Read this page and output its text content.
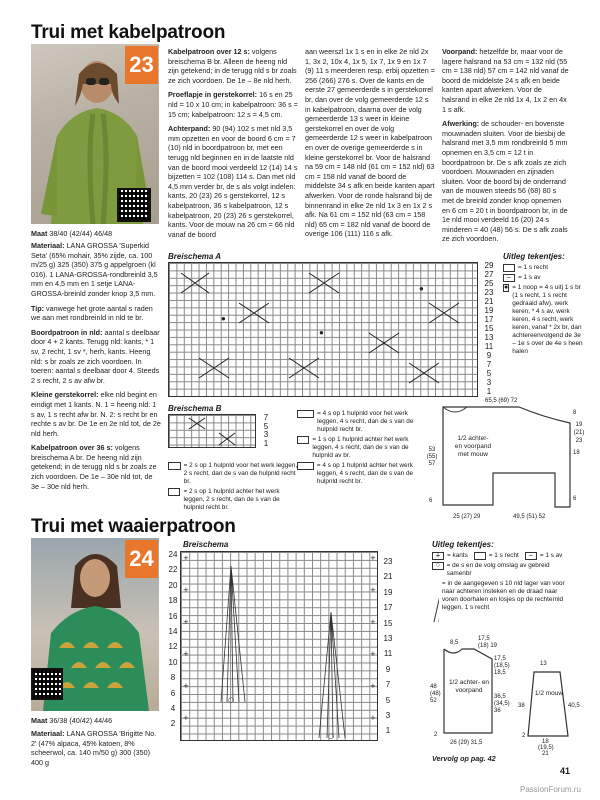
Trui met kabelpatroon
23
Maat 38/40 (42/44) 46/48

Materiaal: LANA GROSSA 'Superkid Seta' (65% mohair, 35% zijde, ca. 100 m/25 g) 325 (350) 375 g appelgroen (kl 016). 1 LANA-GROSSA-rondbreinld 3,5 mm en 4,5 mm en 1 setje LANA-GROSSA-breinld zonder knop 3,5 mm.

Tip: vanwege het grote aantal s raden we aan met rondbreinld in nld te br.

Boordpatroon in nld: aantal s deelbaar door 4 + 2 kants. Terugg nld: kants, * 1 sv, 2 recht, 1 sv *, herh, kants. Heeng nld: s br zoals ze zich voordoen. In toeren: aantal s deelbaar door 4. Steeds 2 s recht, 2 s av afw br.

Kleine gerstekorrel: elke nld begint en eindigt met 1 kants. N. 1 = heeng nld: 1 s av, 1 s recht afw br. N. 2: s recht br en rechte s av br. De 1e en 2e nld tot, de 2e nld herh.

Kabelpatroon over 36 s: volgens breischema A br. De heeng nld zijn getekend; in de terugg nld s br zoals ze zich voordoen. De 1e – 30e nld tot, de 3e – 30e nld herh.

Kabelpatroon over 12 s: volgens breischema B br. Alleen de heeng nld zijn getekend; in de terugg nld s br zoals ze zich voordoen. De 1e – 8e nld herh.

Proeflapje in gerstekorrel: 16 s en 25 nld = 10 x 10 cm; in kabelpatroon: 36 s = 15 cm; kabelpatroon: 12 s = 4,5 cm.

Achterpand: 90 (94) 102 s met nld 3,5 mm opzetten en voor de boord 6 cm = 7 (10) nld in boordpatroon br, met een terugg nld beginnen en in de laatste nld van de boord mooi verdeeld 12 (14) 14 s bijzetten = 102 (108) 114 s. Dan met nld 4,5 mm verder br, de s als volgt indelen: kants, 20 (23) 26 s gerstekorrel, 12 s kabelpatroon, 36 s kabelpatroon, 12 s kabelpatroon, 20 (23) 26 s gerstekorrel, kants. Voor de mouw na 26 cm = 66 nld vanaf de boord

aan weerszl 1x 1 s en in elke 2e nld 2x 1, 3x 2, 10x 4, 1x 5, 1x 7, 1x 9 en 1x 7 (9) 11 s meerderen resp. erbij opzetten = 256 (266) 276 s. Over de kants en de eerste 27 gemeerderde s in gerstekorrel br, dan over de volg gemeerderde 12 s in kabelpatroon, daarna over de volg gemeerderde 13 s weer in kleine gerstekorrel en over de volg gemeerderde 12 s weer in kabelpatroon en over de overige gemeerderde s in kleine gerstekorrel br. Voor de halsrand na 59 cm = 148 nld (61 cm = 152 nld) 63 cm = 158 nld vanaf de boord de middelste 34 s afk en beide kanten apart afwerken. Voor de ronde halsrand bij de binnenrand in elke 2e nld 1x 3 en 1x 2 s afk. Na 61 cm = 152 nld (63 cm = 158 nld) 65 cm = 182 nld vanaf de boord de overige 106 (111) 116 s afk.

Voorpand: hetzelfde br, maar voor de lagere halsrand na 53 cm = 132 nld (55 cm = 138 nld) 57 cm = 142 nld vanaf de boord de middelste 24 s afk en beide kanten apart afwerken. Voor de halsrand in elke 2e nld 1x 4, 1x 2 en 4x 1 s afk.

Afwerking: de schouder- en bovenste mouwnaden sluiten. Voor de biesbij de halsrand met 3,5 mm rondbreinld 5 mm opnemen en 3,5 cm = 12 t in boordpatroon br. De s afk zoals ze zich voordoen. Mouwnaden en zijnaden sluiten. Voor de boord bij de onderrand van de mouwen steeds 56 (68) 80 s met de breinld zonder knop opnemen en 6 cm = 20 t in boordpatroon br, in de 1e nld mooi verdeeld 16 (20) 24 s minderen = 40 (48) 56 s. De s afk zoals ze zich voordoen.

Breischema A
●
●
●
29
27
25
23
21
19
17
15
13
11
9
7
5
3
1
Uitleg tekentjes:
= 1 s recht
–	= 1 s av
● = 1 noop = 4 s uitj 1 s br (1 s recht, 1 s recht gedraaid afw), werk keren, * 4 s av, werk keren, 4 s recht, werk keren, vanaf * 2x br, dan achtereenvolgend de 3e – 1e s over de 4e s heen halen
Breischema B
7
5
3
1
= 2 s op 1 hulpnld voor het werk leggen, 2 s recht, dan de s van de hulpnld recht br.
= 2 s op 1 hulpnld achter het werk leggen, 2 s recht, dan de s van de hulpnld recht br.
= 4 s op 1 hulpnld voor het werk leggen, 4 s recht, dan de s van de hulpnld recht br.
= 1 s op 1 hulpnld achter het werk leggen, 4 s recht, dan de s van de hulpnld av br.
= 4 s op 1 hulpnld achter het werk leggen, 4 s recht, dan de s van de hulpnld recht br.
65,5 (69) 72
53 (55) 57
8
19 (21) 23
18
6
6
1/2 achter- en voorpand met mouw
25 (27) 29	49,5 (51) 52
Trui met waaierpatroon
24
Maat 36/38 (40/42) 44/46
Materiaal: LANA GROSSA 'Brigitte No. 2' (47% alpaca, 45% katoen, 8% scheerwol, ca. 140 m/50 g) 300 (350) 400 g
Breischema
24
22
20
18
16
14
12
10
8
6
4
2
+	+
+	+
+	+
+	+
+	+
+	+
○
○
23
21
19
17
15
13
11
9
7
5
3
1
Uitleg tekentjes:
+	= kants	= 1 s recht	–	= 1 s av
○	= de s en de volg omslag av gebreid samenbr
= in de aangegeven s 10 nld lager van voor naar achteren insteken en de draad naar voren doorhalen en losjes op de rechternld leggen, 1 s recht
17,5
(18) 19
8,5
48
(48)
52
17,5
(18,5)
18,5
36,5
(34,5)
36
1/2 achter- en voorpand
26 (29) 31,5
2
13
38	40,5
1/2 mouw
18
(19,5)
21
2
Vervolg op pag. 42
41
PassionForum.ru
